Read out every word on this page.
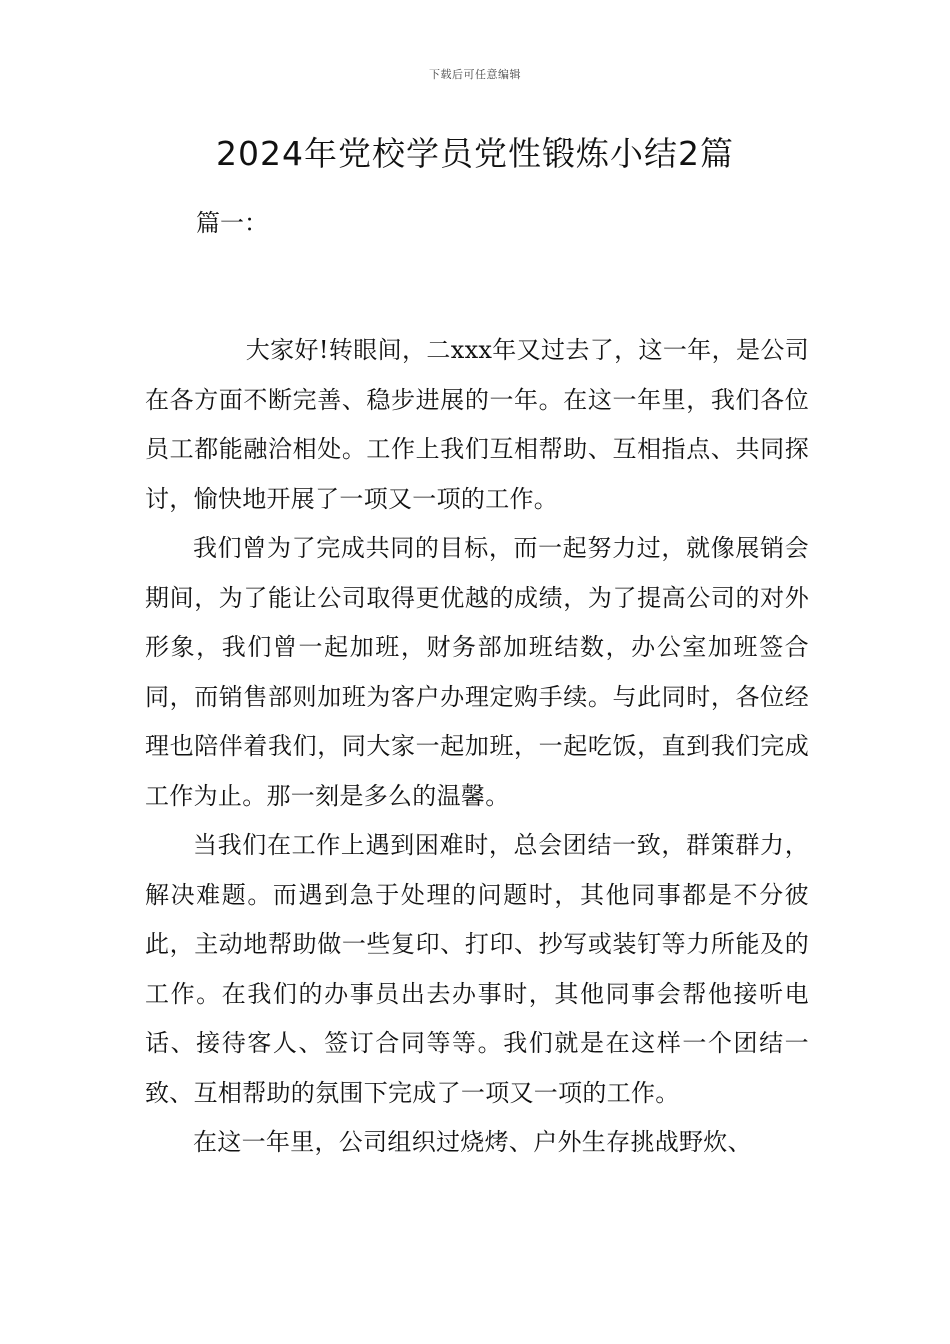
下载后可任意编辑
2024年党校学员党性锻炼小结2篇

篇一：

大家好!转眼间，二xxx年又过去了，这一年，是公司在各方面不断完善、稳步进展的一年。在这一年里，我们各位员工都能融洽相处。工作上我们互相帮助、互相指点、共同探讨，愉快地开展了一项又一项的工作。

我们曾为了完成共同的目标，而一起努力过，就像展销会期间，为了能让公司取得更优越的成绩，为了提高公司的对外形象，我们曾一起加班，财务部加班结数，办公室加班签合同，而销售部则加班为客户办理定购手续。与此同时，各位经理也陪伴着我们，同大家一起加班，一起吃饭，直到我们完成工作为止。那一刻是多么的温馨。

当我们在工作上遇到困难时，总会团结一致，群策群力，解决难题。而遇到急于处理的问题时，其他同事都是不分彼此，主动地帮助做一些复印、打印、抄写或装钉等力所能及的工作。在我们的办事员出去办事时，其他同事会帮他接听电话、接待客人、签订合同等等。我们就是在这样一个团结一致、互相帮助的氛围下完成了一项又一项的工作。

在这一年里，公司组织过烧烤、户外生存挑战野炊、
